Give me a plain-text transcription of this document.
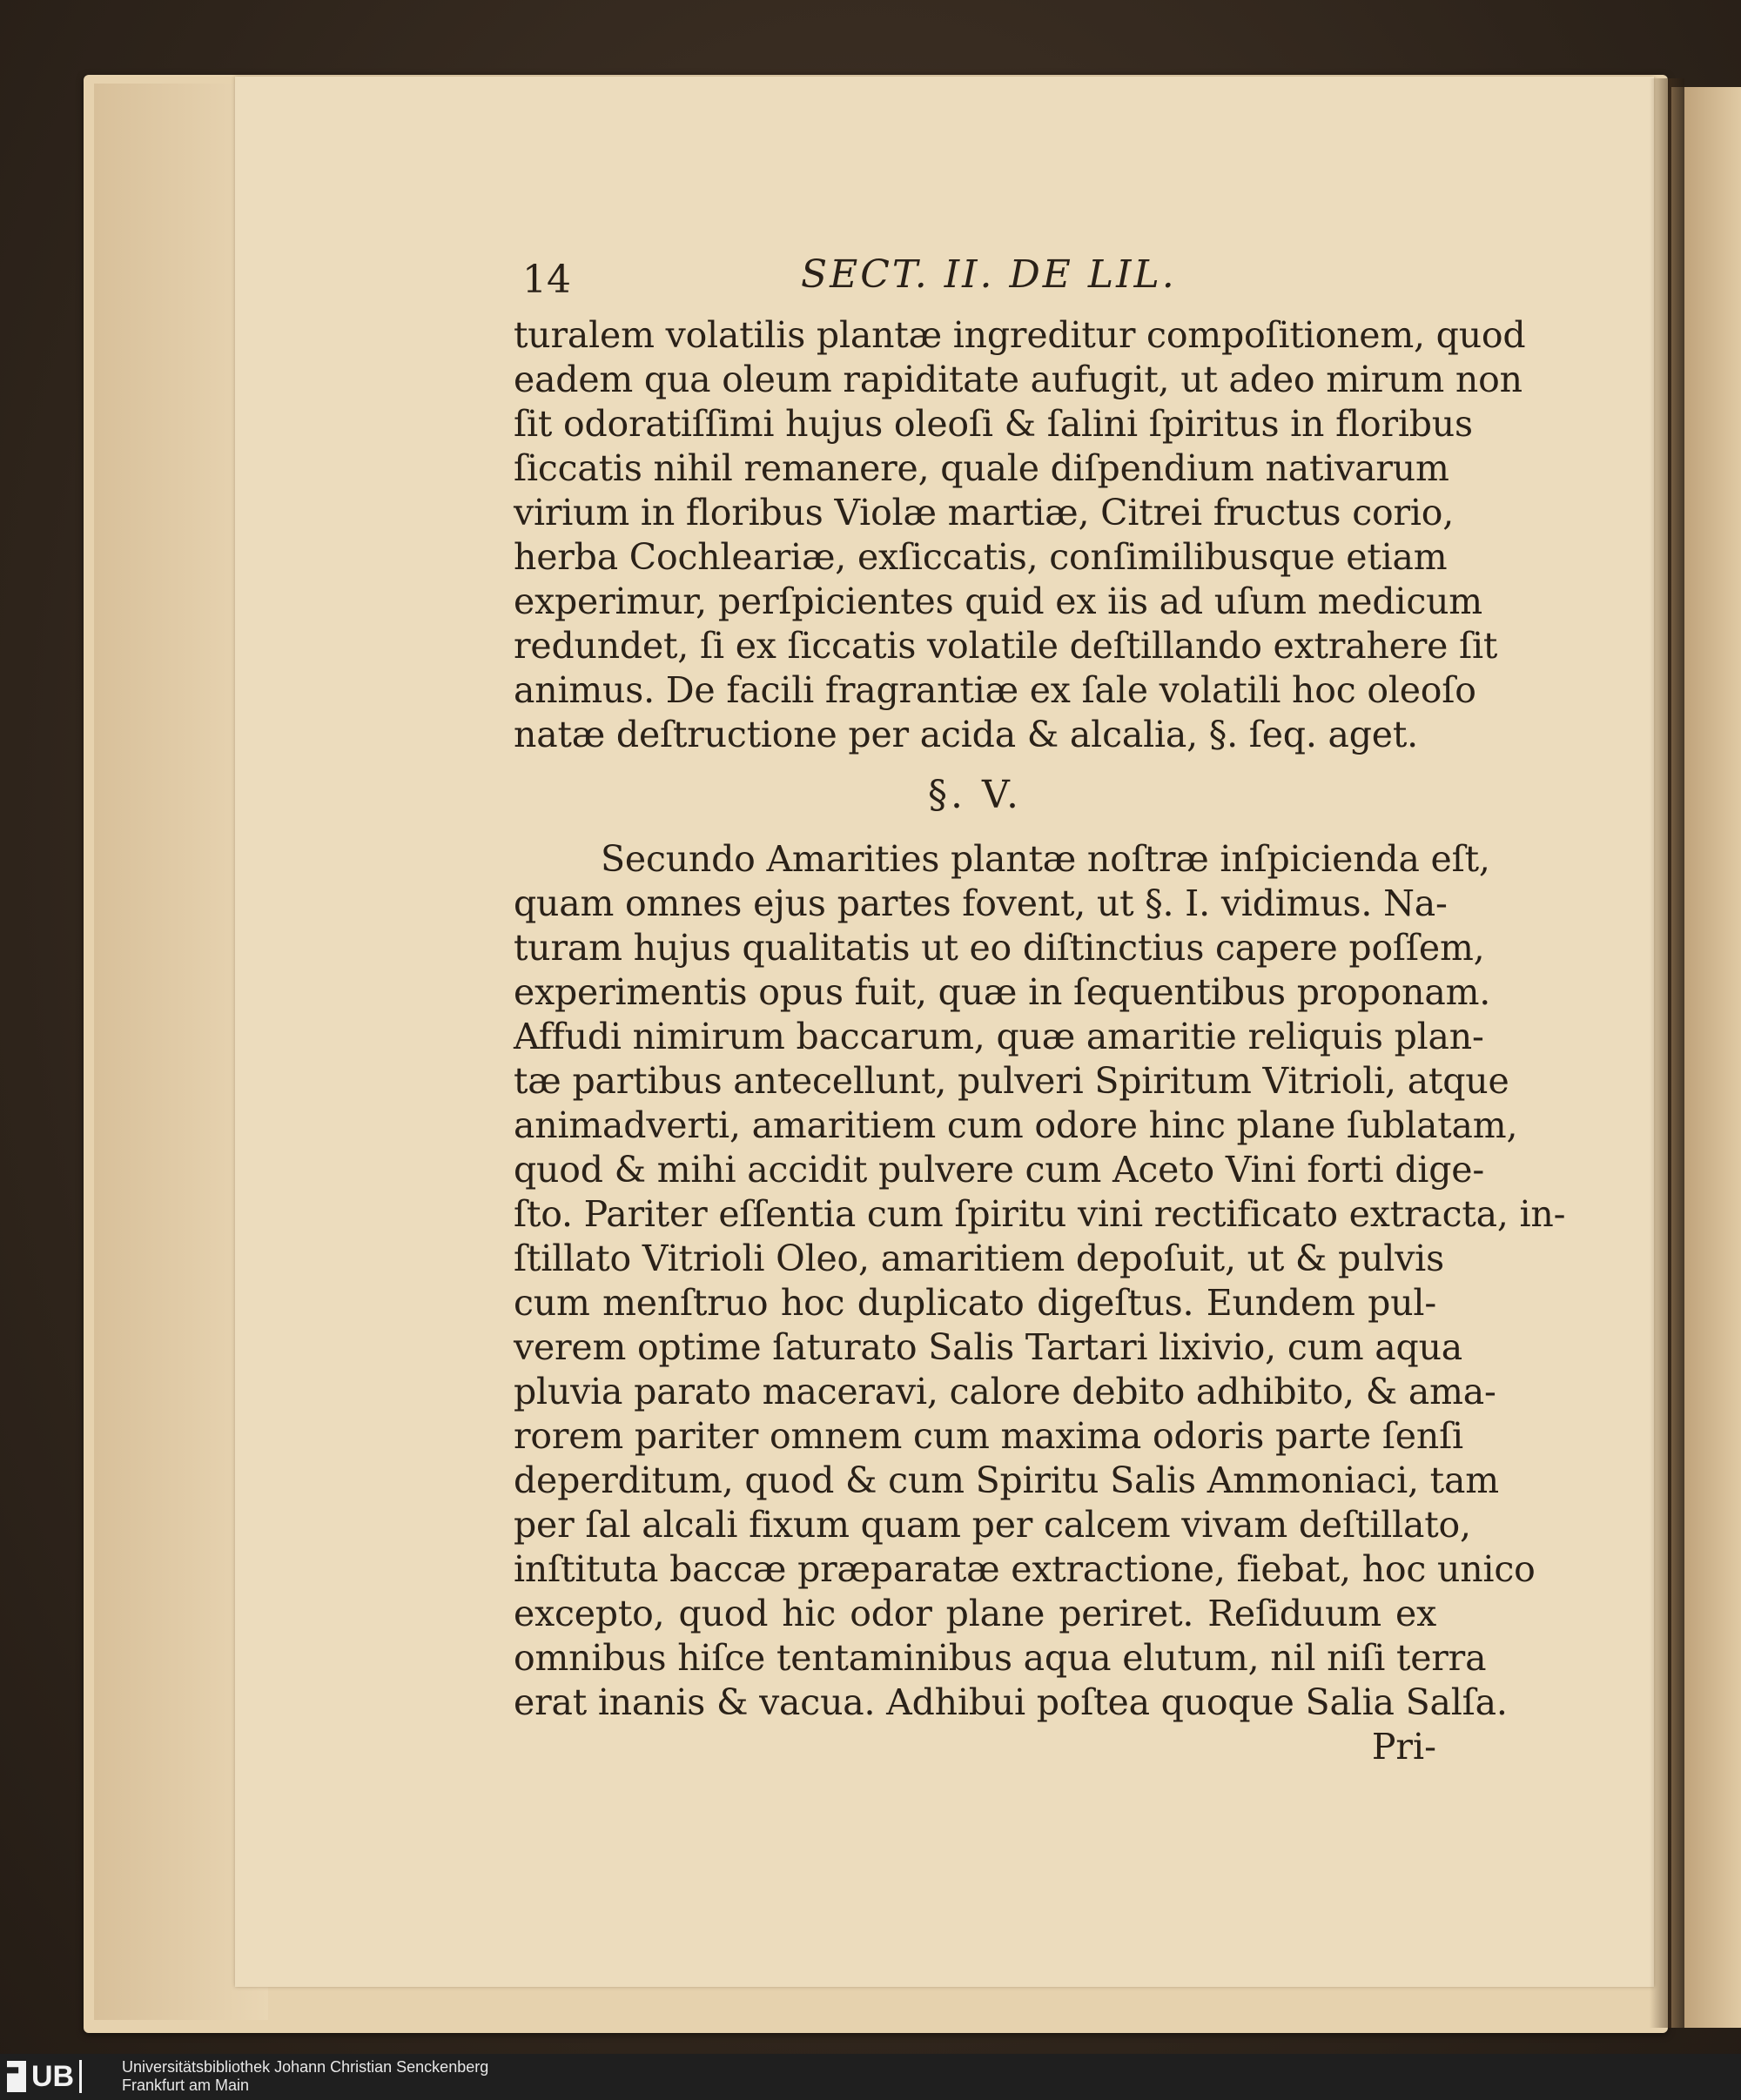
14	SECT. II. DE LIL.
turalem volatilis plantæ ingreditur compoſitionem, quod
eadem qua oleum rapiditate aufugit, ut adeo mirum non
ſit odoratiſſimi hujus oleoſi & ſalini ſpiritus in floribus
ſiccatis nihil remanere, quale diſpendium nativarum
virium in floribus Violæ martiæ, Citrei fructus corio,
herba Cochleariæ, exſiccatis, conſimilibusque etiam
experimur, perſpicientes quid ex iis ad uſum medicum
redundet, ſi ex ſiccatis volatile deſtillando extrahere ſit
animus. De facili fragrantiæ ex ſale volatili hoc oleoſo
natæ deſtructione per acida & alcalia, §. ſeq. aget.
§. V.
Secundo Amarities plantæ noſtræ inſpicienda eſt,
quam omnes ejus partes fovent, ut §. I. vidimus. Na-
turam hujus qualitatis ut eo diſtinctius capere poſſem,
experimentis opus fuit, quæ in ſequentibus proponam.
Affudi nimirum baccarum, quæ amaritie reliquis plan-
tæ partibus antecellunt, pulveri Spiritum Vitrioli, atque
animadverti, amaritiem cum odore hinc plane ſublatam,
quod & mihi accidit pulvere cum Aceto Vini forti dige-
ſto. Pariter eſſentia cum ſpiritu vini rectificato extracta, in-
ſtillato Vitrioli Oleo, amaritiem depoſuit, ut & pulvis
cum menſtruo hoc duplicato digeſtus. Eundem pul-
verem optime ſaturato Salis Tartari lixivio, cum aqua
pluvia parato maceravi, calore debito adhibito, & ama-
rorem pariter omnem cum maxima odoris parte ſenſi
deperditum, quod & cum Spiritu Salis Ammoniaci, tam
per ſal alcali fixum quam per calcem vivam deſtillato,
inſtituta baccæ præparatæ extractione, fiebat, hoc unico
excepto, quod hic odor plane periret. Reſiduum ex
omnibus hiſce tentaminibus aqua elutum, nil niſi terra
erat inanis & vacua. Adhibui poſtea quoque Salia Salſa.
Pri-
UB	Universitätsbibliothek Johann Christian Senckenberg
Frankfurt am Main
